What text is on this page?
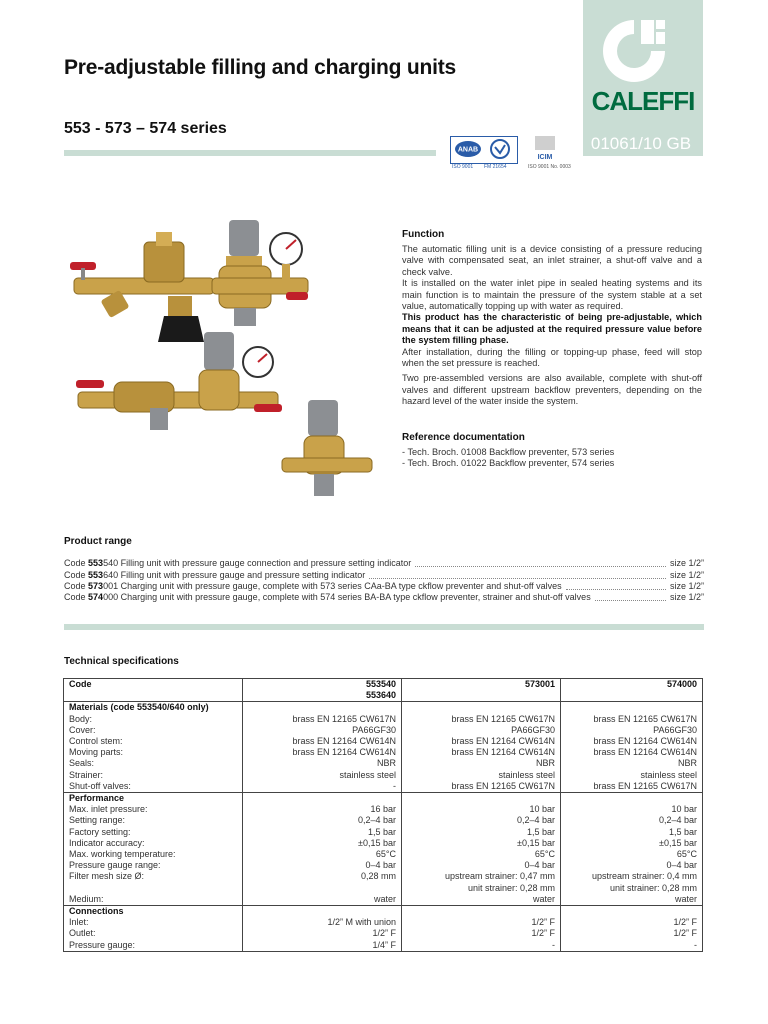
Pre-adjustable filling and charging units
553 - 573 – 574 series
CALEFFI
01061/10 GB
ANAB
ISO 9001 FM 21654
ICIM
ISO 9001 No. 0003
Function

The automatic filling unit is a device consisting of a pressure reducing valve with compensated seat, an inlet strainer, a shut-off valve and a check valve.

It is installed on the water inlet pipe in sealed heating systems and its main function is to maintain the pressure of the system stable at a set value, automatically topping up with water as required.

This product has the characteristic of being pre-adjustable, which means that it can be adjusted at the required pressure value before the system filling phase.

After installation, during the filling or topping-up phase, feed will stop when the set pressure is reached.

Two pre-assembled versions are also available, complete with shut-off valves and different upstream backflow preventers, depending on the hazard level of the water inside the system.

Reference documentation
- Tech. Broch. 01008 Backflow preventer, 573 series
- Tech. Broch. 01022 Backflow preventer, 574 series
Product range
Code
553 540
Filling unit with pressure gauge connection and pressure setting indicator	size 1/2”
Code
553 640
Filling unit with pressure gauge and pressure setting indicator	size 1/2”
Code
573 001
Charging unit with pressure gauge, complete with 573 series CAa-BA type ckflow preventer and shut-off valves	size 1/2”
Code
574 000
Charging unit with pressure gauge, complete with 574 series BA-BA type ckflow preventer, strainer and shut-off valves	size 1/2”
Technical specifications
Code	553540
553640	573001	574000
Materials (code 553540/640 only)			
Body:	brass EN 12165 CW617N	brass EN 12165 CW617N	brass EN 12165 CW617N
Cover:	PA66GF30	PA66GF30	PA66GF30
Control stem:	brass EN 12164 CW614N	brass EN 12164 CW614N	brass EN 12164 CW614N
Moving parts:	brass EN 12164 CW614N	brass EN 12164 CW614N	brass EN 12164 CW614N
Seals:	NBR	NBR	NBR
Strainer:	stainless steel	stainless steel	stainless steel
Shut-off valves:	-	brass EN 12165 CW617N	brass EN 12165 CW617N
Performance			
Max. inlet pressure:	16 bar	10 bar	10 bar
Setting range:	0,2–4 bar	0,2–4 bar	0,2–4 bar
Factory setting:	1,5 bar	1,5 bar	1,5 bar
Indicator accuracy:	±0,15 bar	±0,15 bar	±0,15 bar
Max. working temperature:	65°C	65°C	65°C
Pressure gauge range:	0–4 bar	0–4 bar	0–4 bar
Filter mesh size Ø:	0,28 mm	upstream strainer: 0,47 mm	upstream strainer: 0,4 mm
		unit strainer: 0,28 mm	unit strainer: 0,28 mm
Medium:	water	water	water
Connections			
Inlet:	1/2” M with union	1/2” F	1/2” F
Outlet:	1/2” F	1/2” F	1/2” F
Pressure gauge:	1/4” F	-	-
